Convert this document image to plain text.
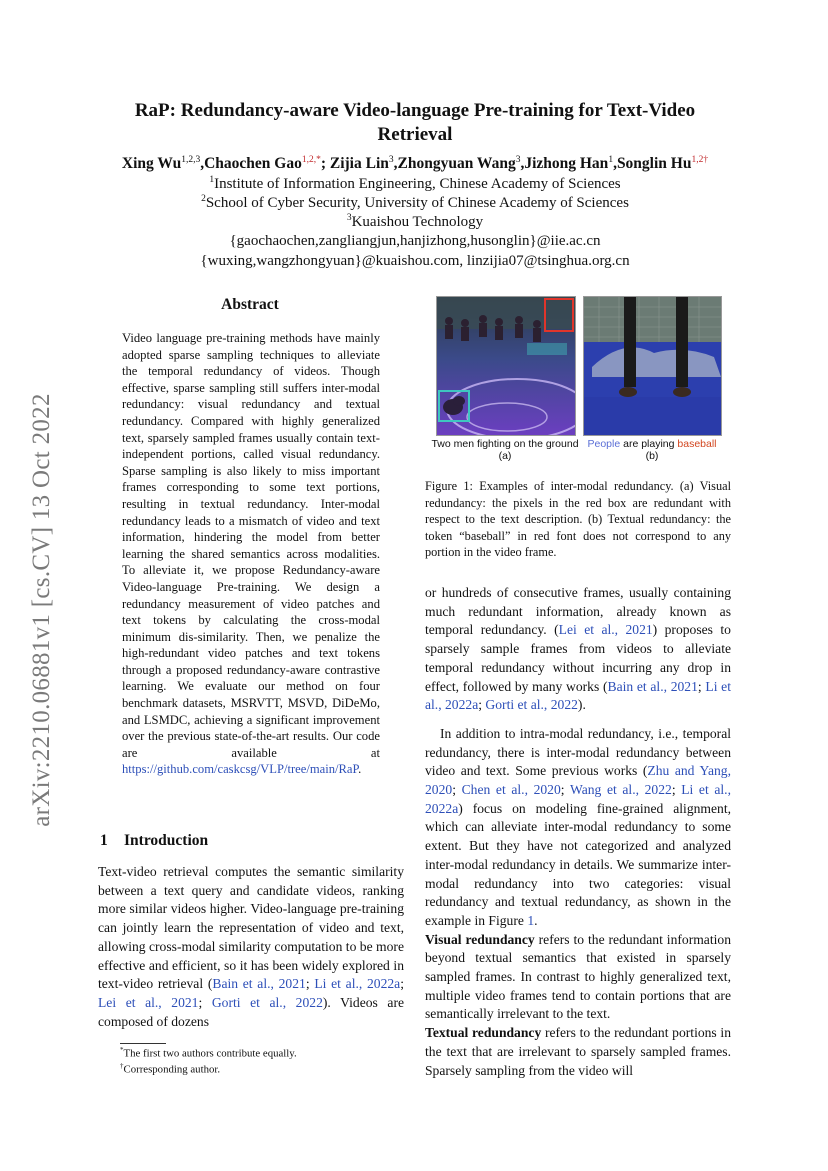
arXiv:2210.06881v1 [cs.CV] 13 Oct 2022
RaP: Redundancy-aware Video-language Pre-training for Text-Video
Retrieval
Xing Wu$^{1,2,3}$,Chaochen Gao$^{1,2,*}$; Zijia Lin$^3$,Zhongyuan Wang$^3$,Jizhong Han$^1$,Songlin $Hu^{1,2\dagger}$
$^1$Institute of Information Engineering, Chinese Academy of Sciences
$^2$School of Cyber Security, University of Chinese Academy of Sciences
$^3$Kuaishou Technology
{gaochaochen,zangliangjun,hanjizhong,husonglin}@iie.ac.cn
{wuxing,wangzhongyuan}@kuaishou.com, linzijia07@tsinghua.org.cn
Abstract
Video language pre-training methods have mainly adopted sparse sampling techniques to alleviate the temporal redundancy of videos. Though effective, sparse sampling still suffers inter-modal redundancy: visual redundancy and textual redundancy. Compared with highly generalized text, sparsely sampled frames usually contain text-independent portions, called visual redundancy. Sparse sampling is also likely to miss important frames corresponding to some text portions, resulting in textual redundancy. Inter-modal redundancy leads to a mismatch of video and text information, hindering the model from better learning the shared semantics across modalities. To alleviate it, we propose Redundancy-aware Video-language Pre-training. We design a redundancy measurement of video patches and text tokens by calculating the cross-modal minimum dis-similarity. Then, we penalize the high-redundant video patches and text tokens through a proposed redundancy-aware contrastive learning. We evaluate our method on four benchmark datasets, MSRVTT, MSVD, DiDeMo, and LSMDC, achieving a significant improvement over the previous state-of-the-art results. Our code are available at https://github.com/caskcsg/VLP/tree/main/RaP.
1 Introduction

Text-video retrieval computes the semantic similarity between a text query and candidate videos, ranking more similar videos higher. Video-language pre-training can jointly learn the representation of video and text, allowing cross-modal similarity computation to be more effective and efficient, so it has been widely explored in text-video retrieval (Bain et al., 2021; Li et al., 2022a; Lei et al., 2021; Gorti et al., 2022). Videos are composed of dozens

*The first two authors contribute equally.
†Corresponding author.
Two men fighting on the ground
(a)
People are playing baseball
(b)
Figure 1: Examples of inter-modal redundancy. (a) Visual redundancy: the pixels in the red box are redundant with respect to the text description. (b) Textual redundancy: the token “baseball” in red font does not correspond to any portion in the video frame.

or hundreds of consecutive frames, usually containing much redundant information, already known as temporal redundancy. (Lei et al., 2021) proposes to sparsely sample frames from videos to alleviate temporal redundancy without incurring any drop in effect, followed by many works (Bain et al., 2021; Li et al., 2022a; Gorti et al., 2022).

In addition to intra-modal redundancy, i.e., temporal redundancy, there is inter-modal redundancy between video and text. Some previous works (Zhu and Yang, 2020; Chen et al., 2020; Wang et al., 2022; Li et al., 2022a) focus on modeling fine-grained alignment, which can alleviate inter-modal redundancy to some extent. But they have not categorized and analyzed inter-modal redundancy in details. We summarize inter-modal redundancy into two categories: visual redundancy and textual redundancy, as shown in the example in Figure 1.
Visual redundancy refers to the redundant information beyond textual semantics that existed in sparsely sampled frames. In contrast to highly generalized text, multiple video frames tend to contain portions that are semantically irrelevant to the text.
Textual redundancy refers to the redundant portions in the text that are irrelevant to sparsely sampled frames. Sparsely sampling from the video will
